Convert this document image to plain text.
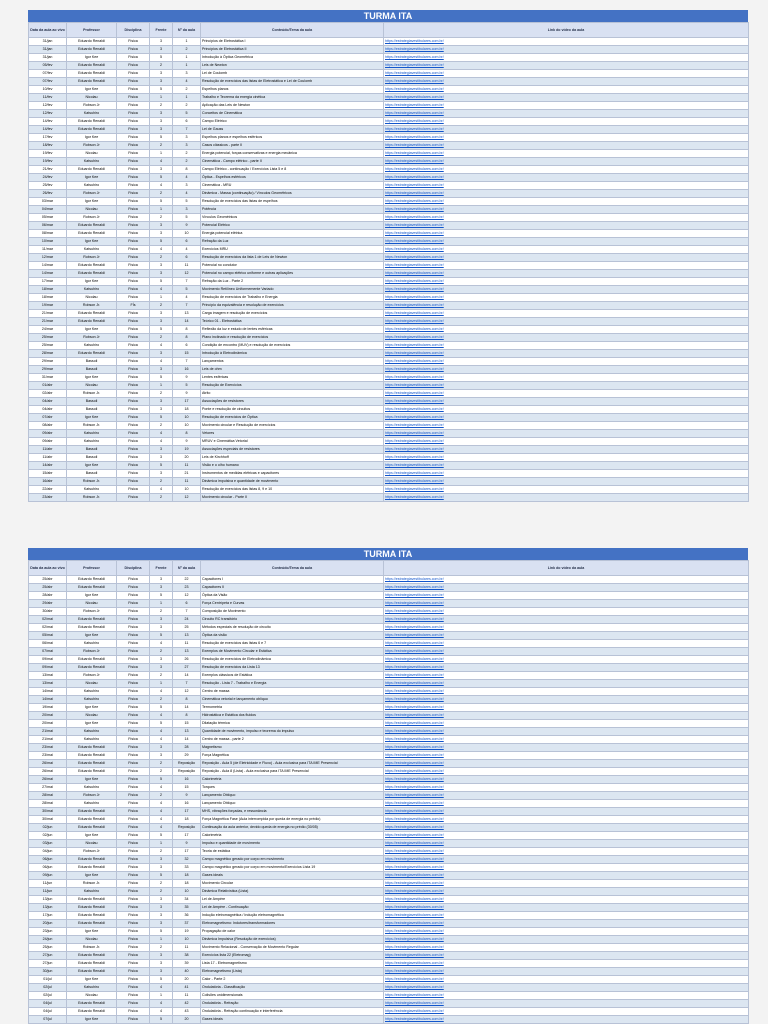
TURMA ITA
Data da aula ao vivo	Professor	Disciplina	Frente	Nº da aula	Conteúdo/Tema da aula	Link do vídeo da aula
31/jan	Eduardo Renaldi	Física	3	1	Princípios de Eletrostática I	https://estrategiavestibulares.com.br/
31/jan	Eduardo Renaldi	Física	3	2	Princípios de Eletrostática II	https://estrategiavestibulares.com.br/
31/jan	Igor Kee	Física	5	1	Introdução à Óptica Geométrica	https://estrategiavestibulares.com.br/
05/fev	Eduardo Renaldi	Física	2	1	Leis de Newton	https://estrategiavestibulares.com.br/
07/fev	Eduardo Renaldi	Física	3	3	Lei de Coulomb	https://estrategiavestibulares.com.br/
07/fev	Eduardo Renaldi	Física	3	4	Resolução de exercícios das listas de Eletrostática e Lei de Coulomb	https://estrategiavestibulares.com.br/
10/fev	Igor Kee	Física	5	2	Espelhos planos	https://estrategiavestibulares.com.br/
11/fev	Nicolau	Física	1	1	Trabalho e Teorema da energia cinética	https://estrategiavestibulares.com.br/
12/fev	Robson Jr	Física	2	2	Aplicação das Leis de Newton	https://estrategiavestibulares.com.br/
12/fev	Katsuhiro	Física	3	5	Conceitos de Cinemática	https://estrategiavestibulares.com.br/
14/fev	Eduardo Renaldi	Física	3	6	Campo Elétrico	https://estrategiavestibulares.com.br/
14/fev	Eduardo Renaldi	Física	3	7	Lei de Gauss	https://estrategiavestibulares.com.br/
17/fev	Igor Kee	Física	5	3	Espelhos planos e espelhos esféricos	https://estrategiavestibulares.com.br/
18/fev	Robson Jr	Física	2	3	Casos clássicos - parte II	https://estrategiavestibulares.com.br/
19/fev	Nicolau	Física	1	2	Energia potencial, forças conservativas e energia mecânica	https://estrategiavestibulares.com.br/
19/fev	Katsuhiro	Física	4	2	Cinemática - Campo elétrico - parte II	https://estrategiavestibulares.com.br/
21/fev	Eduardo Renaldi	Física	3	8	Campo Elétrico - continuação / Exercícios Lista 5 e 8	https://estrategiavestibulares.com.br/
24/fev	Igor Kee	Física	5	4	Óptica - Espelhos esféricos	https://estrategiavestibulares.com.br/
25/fev	Katsuhiro	Física	4	3	Cinemática - MRU	https://estrategiavestibulares.com.br/
26/fev	Robson Jr	Física	2	4	Dinâmica - Massa (continuação) / Vínculos Geométricos	https://estrategiavestibulares.com.br/
03/mar	Igor Kee	Física	5	5	Resolução de exercícios das listas de espelhos	https://estrategiavestibulares.com.br/
04/mar	Nicolau	Física	1	3	Potência	https://estrategiavestibulares.com.br/
05/mar	Robson Jr	Física	2	5	Vínculos Geométricos	https://estrategiavestibulares.com.br/
06/mar	Eduardo Renaldi	Física	3	9	Potencial Elétrico	https://estrategiavestibulares.com.br/
08/mar	Eduardo Renaldi	Física	3	10	Energia potencial elétrica	https://estrategiavestibulares.com.br/
10/mar	Igor Kee	Física	5	6	Refração da Luz	https://estrategiavestibulares.com.br/
11/mar	Katsuhiro	Física	4	4	Exercícios MRU	https://estrategiavestibulares.com.br/
12/mar	Robson Jr	Física	2	6	Resolução de exercícios da lista 1 de Leis de Newton	https://estrategiavestibulares.com.br/
14/mar	Eduardo Renaldi	Física	3	11	Potencial no condutor	https://estrategiavestibulares.com.br/
14/mar	Eduardo Renaldi	Física	3	12	Potencial no campo elétrico uniforme e outras aplicações	https://estrategiavestibulares.com.br/
17/mar	Igor Kee	Física	5	7	Refração da Luz - Parte 2	https://estrategiavestibulares.com.br/
18/mar	Katsuhiro	Física	4	5	Movimento Retilíneo Uniformemente Variado	https://estrategiavestibulares.com.br/
18/mar	Nicolau	Física	1	4	Resolução de exercícios de Trabalho e Energia	https://estrategiavestibulares.com.br/
19/mar	Robson Jr.	FÍs	2	7	Princípio da equivalência e resolução de exercícios	https://estrategiavestibulares.com.br/
21/mar	Eduardo Renaldi	Física	3	13	Carga imagem e resolução de exercícios	https://estrategiavestibulares.com.br/
21/mar	Eduardo Renaldi	Física	3	14	Teórico 01 - Eletrostática	https://estrategiavestibulares.com.br/
24/mar	Igor Kee	Física	5	8	Reflexão da luz e estudo de lentes esféricas	https://estrategiavestibulares.com.br/
25/mar	Robson Jr	Física	2	8	Plano inclinado e resolução de exercícios	https://estrategiavestibulares.com.br/
25/mar	Katsuhiro	Física	4	6	Condição de encontro (MUV) e resolução de exercícios	https://estrategiavestibulares.com.br/
28/mar	Eduardo Renaldi	Física	3	15	Introdução à Eletrodinâmica	https://estrategiavestibulares.com.br/
29/mar	Bassoli	Física	4	7	Lançamentos	https://estrategiavestibulares.com.br/
29/mar	Bassoli	Física	3	16	Leis de ohm	https://estrategiavestibulares.com.br/
31/mar	Igor Kee	Física	5	9	Lentes esféricas	https://estrategiavestibulares.com.br/
01/abr	Nicolau	Física	1	5	Resolução de Exercícios	https://estrategiavestibulares.com.br/
02/abr	Robson Jr.	Física	2	9	Atrito	https://estrategiavestibulares.com.br/
04/abr	Bassoli	Física	3	17	Associações de resistores	https://estrategiavestibulares.com.br/
04/abr	Bassoli	Física	3	18	Ponte e resolução de circuitos	https://estrategiavestibulares.com.br/
07/abr	Igor Kee	Física	5	10	Resolução de exercícios de Óptica	https://estrategiavestibulares.com.br/
08/abr	Robson Jr.	Física	2	10	Movimento circular e Resolução de exercícios	https://estrategiavestibulares.com.br/
09/abr	Katsuhiro	Física	4	8	Vetores	https://estrategiavestibulares.com.br/
09/abr	Katsuhiro	Física	4	9	MRUV e Cinemática Vetorial	https://estrategiavestibulares.com.br/
11/abr	Bassoli	Física	3	19	Associações especiais de resistores	https://estrategiavestibulares.com.br/
11/abr	Bassoli	Física	3	20	Leis de Kirchhoff	https://estrategiavestibulares.com.br/
14/abr	Igor Kee	Física	5	11	Visão e o olho humano	https://estrategiavestibulares.com.br/
15/abr	Bassoli	Física	3	21	Instrumentos de medidas elétricas e capacitores	https://estrategiavestibulares.com.br/
16/abr	Robson Jr.	Física	2	11	Dinâmica impulsiva e quantidade de movimento	https://estrategiavestibulares.com.br/
22/abr	Katsuhiro	Física	4	10	Resolução de exercícios das listas 8, 9 e 10	https://estrategiavestibulares.com.br/
23/abr	Robson Jr.	Física	2	12	Movimento circular - Parte II	https://estrategiavestibulares.com.br/
TURMA ITA
Data da aula ao vivo	Professor	Disciplina	Frente	Nº da aula	Conteúdo/Tema da aula	Link do vídeo da aula
25/abr	Eduardo Renaldi	Física	3	22	Capacitores I	https://estrategiavestibulares.com.br/
25/abr	Eduardo Renaldi	Física	3	23	Capacitores II	https://estrategiavestibulares.com.br/
28/abr	Igor Kee	Física	5	12	Óptica da Visão	https://estrategiavestibulares.com.br/
29/abr	Nicolau	Física	1	6	Força Centrípeta e Curvas	https://estrategiavestibulares.com.br/
30/abr	Robson Jr	Física	2	7	Composição de Movimento	https://estrategiavestibulares.com.br/
02/mai	Eduardo Renaldi	Física	3	24	Circuito RC transitório	https://estrategiavestibulares.com.br/
02/mai	Eduardo Renaldi	Física	3	25	Métodos especiais de resolução de circuito	https://estrategiavestibulares.com.br/
05/mai	Igor Kee	Física	5	13	Óptica da visão	https://estrategiavestibulares.com.br/
06/mai	Katsuhiro	Física	4	11	Resolução de exercícios das listas 6 e 7	https://estrategiavestibulares.com.br/
07/mai	Robson Jr	Física	2	13	Exemplos de Movimento Circular e Estática	https://estrategiavestibulares.com.br/
09/mai	Eduardo Renaldi	Física	3	26	Resolução de exercícios de Eletrodinâmica	https://estrategiavestibulares.com.br/
09/mai	Eduardo Renaldi	Física	3	27	Resolução de exercícios da Lista 13	https://estrategiavestibulares.com.br/
13/mai	Robson Jr	Física	2	14	Exemplos clássicos de Estática	https://estrategiavestibulares.com.br/
13/mai	Nicolau	Física	1	7	Resolução - Lista 7 - Trabalho e Energia	https://estrategiavestibulares.com.br/
14/mai	Katsuhiro	Física	4	12	Centro de massa	https://estrategiavestibulares.com.br/
14/mai	Katsuhiro	Física	2	8	Cinemática vetorial e lançamento oblíquo	https://estrategiavestibulares.com.br/
19/mai	Igor Kee	Física	5	14	Termometria	https://estrategiavestibulares.com.br/
20/mai	Nicolau	Física	4	8	Hidrostática e Estática dos fluidos	https://estrategiavestibulares.com.br/
20/mai	Igor Kee	Física	5	15	Dilatação térmica	https://estrategiavestibulares.com.br/
21/mai	Katsuhiro	Física	4	13	Quantidade de movimento, impulso e teorema do impulso	https://estrategiavestibulares.com.br/
21/mai	Katsuhiro	Física	4	14	Centro de massa - parte 2	https://estrategiavestibulares.com.br/
23/mai	Eduardo Renaldi	Física	3	28	Magnetismo	https://estrategiavestibulares.com.br/
23/mai	Eduardo Renaldi	Física	3	29	Força Magnética	https://estrategiavestibulares.com.br/
26/mai	Eduardo Renaldi	Física	2	Reposição	Reposição - Aula 5 (de Eletricidade e Fluxo) - Aula exclusiva para ITA IME Presencial	https://estrategiavestibulares.com.br/
26/mai	Eduardo Renaldi	Física	2	Reposição	Reposição - Aula 8 (Lista) - Aula exclusiva para ITA IME Presencial	https://estrategiavestibulares.com.br/
26/mai	Igor Kee	Física	5	16	Calorimetria	https://estrategiavestibulares.com.br/
27/mai	Katsuhiro	Física	4	15	Torques	https://estrategiavestibulares.com.br/
28/mai	Robson Jr	Física	2	9	Lançamento Oblíquo	https://estrategiavestibulares.com.br/
28/mai	Katsuhiro	Física	4	16	Lançamento Oblíquo	https://estrategiavestibulares.com.br/
30/mai	Eduardo Renaldi	Física	4	17	MHS, vibrações forçadas, e ressonância	https://estrategiavestibulares.com.br/
30/mai	Eduardo Renaldi	Física	4	18	Força Magnética Fase (Aula interrompida por queda de energia no prédio)	https://estrategiavestibulares.com.br/
02/jun	Eduardo Renaldi	Física	4	Reposição	Continuação da aula anterior, devido queda de energia no prédio (30/05)	https://estrategiavestibulares.com.br/
02/jun	Igor Kee	Física	5	17	Calorimetria	https://estrategiavestibulares.com.br/
03/jun	Nicolau	Física	1	9	Impulso e quantidade de movimento	https://estrategiavestibulares.com.br/
04/jun	Robson Jr	Física	2	17	Teoria de estática	https://estrategiavestibulares.com.br/
06/jun	Eduardo Renaldi	Física	3	32	Campo magnético gerado por corpo em movimento	https://estrategiavestibulares.com.br/
06/jun	Eduardo Renaldi	Física	3	33	Campo magnético gerado por corpo em movimento/Exercícios Lista 19	https://estrategiavestibulares.com.br/
09/jun	Igor Kee	Física	5	18	Gases ideais	https://estrategiavestibulares.com.br/
11/jun	Robson Jr.	Física	2	18	Movimento Circular	https://estrategiavestibulares.com.br/
11/jun	Katsuhiro	Física	2	10	Dinâmica Relativística (Lista)	https://estrategiavestibulares.com.br/
13/jun	Eduardo Renaldi	Física	3	34	Lei de Ampère	https://estrategiavestibulares.com.br/
13/jun	Eduardo Renaldi	Física	3	35	Lei de Ampère - Continuação	https://estrategiavestibulares.com.br/
17/jun	Eduardo Renaldi	Física	3	36	Indução eletromagnética / Indução eletromagnética	https://estrategiavestibulares.com.br/
20/jun	Eduardo Renaldi	Física	3	37	Eletromagnetismo: Indutores/transformadores	https://estrategiavestibulares.com.br/
23/jun	Igor Kee	Física	5	19	Propagação de calor	https://estrategiavestibulares.com.br/
24/jun	Nicolau	Física	1	10	Dinâmica Impulsiva (Resolução de exercícios)	https://estrategiavestibulares.com.br/
25/jun	Robson Jr.	Física	2	11	Movimento Relacional - Conservação de Movimento Regular	https://estrategiavestibulares.com.br/
27/jun	Eduardo Renaldi	Física	3	38	Exercícios lista 22 (Eletromag)	https://estrategiavestibulares.com.br/
27/jun	Eduardo Renaldi	Física	3	39	Lista 17 - Eletromagnetismo	https://estrategiavestibulares.com.br/
30/jun	Eduardo Renaldi	Física	3	40	Eletromagnetismo (Lista)	https://estrategiavestibulares.com.br/
01/jul	Igor Kee	Física	5	20	Calor - Parte 2	https://estrategiavestibulares.com.br/
02/jul	Katsuhiro	Física	4	41	Ondulatória - Classificação	https://estrategiavestibulares.com.br/
02/jul	Nicolau	Física	1	11	Colisões unidimensionais	https://estrategiavestibulares.com.br/
04/jul	Eduardo Renaldi	Física	4	42	Ondulatória - Refração	https://estrategiavestibulares.com.br/
04/jul	Eduardo Renaldi	Física	4	43	Ondulatória - Refração continuação e interferência	https://estrategiavestibulares.com.br/
07/jul	Igor Kee	Física	5	20	Gases ideais	https://estrategiavestibulares.com.br/
